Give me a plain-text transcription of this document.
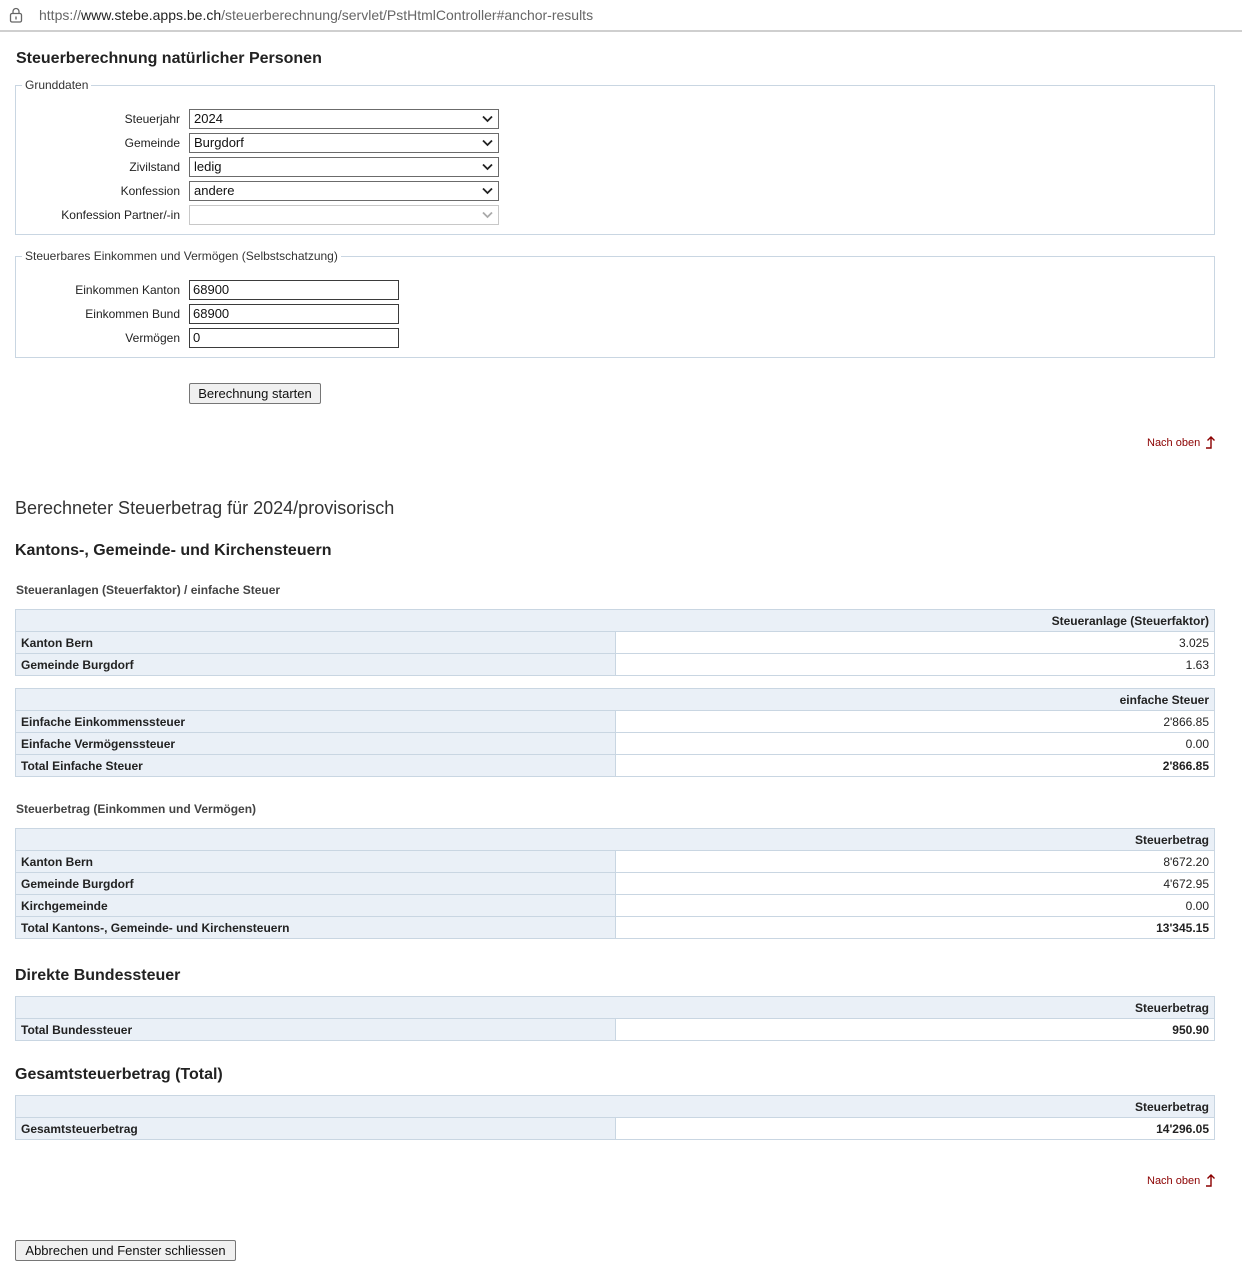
https://www.stebe.apps.be.ch/steuerberechnung/servlet/PstHtmlController#anchor-results
Steuerberechnung natürlicher Personen
Grunddaten
Steuerjahr	2024
Gemeinde	Burgdorf
Zivilstand	ledig
Konfession	andere
Konfession Partner/-in
Steuerbares Einkommen und Vermögen (Selbstschatzung)
Einkommen Kanton	68900
Einkommen Bund	68900
Vermögen	0
Berechnung starten
Nach oben
Berechneter Steuerbetrag für 2024/provisorisch
Kantons-, Gemeinde- und Kirchensteuern
Steueranlagen (Steuerfaktor) / einfache Steuer
Steueranlage (Steuerfaktor)	
Kanton Bern	3.025
Gemeinde Burgdorf	1.63
einfache Steuer	
Einfache Einkommenssteuer	2'866.85
Einfache Vermögenssteuer	0.00
Total Einfache Steuer	2'866.85
Steuerbetrag (Einkommen und Vermögen)
Steuerbetrag	
Kanton Bern	8'672.20
Gemeinde Burgdorf	4'672.95
Kirchgemeinde	0.00
Total Kantons-, Gemeinde- und Kirchensteuern	13'345.15
Direkte Bundessteuer
Steuerbetrag
Total Bundessteuer	950.90
Gesamtsteuerbetrag (Total)
Steuerbetrag
Gesamtsteuerbetrag	14'296.05
Nach oben
Abbrechen und Fenster schliessen
